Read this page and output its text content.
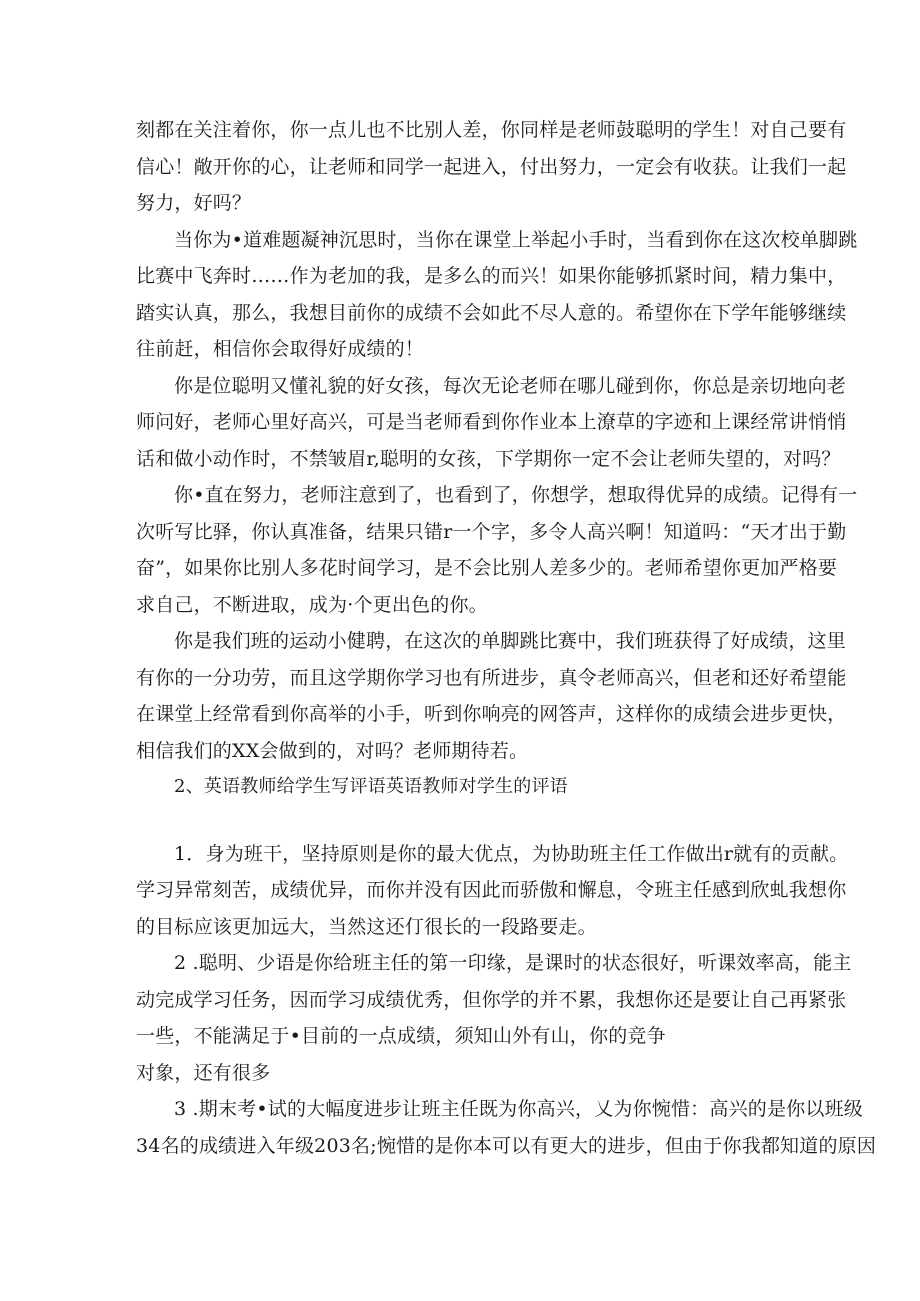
刻都在关注着你，你一点儿也不比别人差，你同样是老师鼓聪明的学生！对自己要有
信心！敞开你的心，让老师和同学一起进入，付出努力，一定会有收获。让我们一起
努力，好吗？
当你为•道难题凝神沉思时，当你在课堂上举起小手时，当看到你在这次校单脚跳
比赛中飞奔时……作为老加的我，是多么的而兴！如果你能够抓紧时间，精力集中，
踏实认真，那么，我想目前你的成绩不会如此不尽人意的。希望你在下学年能够继续
往前赶，相信你会取得好成绩的！
你是位聪明又懂礼貌的好女孩，每次无论老师在哪儿碰到你，你总是亲切地向老
师问好，老师心里好高兴，可是当老师看到你作业本上潦草的字迹和上课经常讲悄悄
话和做小动作时，不禁皱眉r,聪明的女孩，下学期你一定不会让老师失望的，对吗？
你•直在努力，老师注意到了，也看到了，你想学，想取得优异的成绩。记得有一
次听写比驿，你认真准备，结果只错r一个字，多令人高兴啊！知道吗：“天才出于勤
奋”，如果你比别人多花时间学习，是不会比别人差多少的。老师希望你更加严格要
求自己，不断进取，成为·个更出色的你。
你是我们班的运动小健聘，在这次的单脚跳比赛中，我们班获得了好成绩，这里
有你的一分功劳，而且这学期你学习也有所进步，真令老师高兴，但老和还好希望能
在课堂上经常看到你高举的小手，听到你响亮的网答声，这样你的成绩会进步更快，
相信我们的XX会做到的，对吗？老师期待若。
2、英语教师给学生写评语英语教师对学生的评语
1．身为班干，坚持原则是你的最大优点，为协助班主任工作做出r就有的贡献。
学习异常刻苦，成绩优异，而你并没有因此而骄傲和懈息，令班主任感到欣虬我想你
的目标应该更加远大，当然这还仃很长的一段路要走。
2 .聪明、少语是你给班主任的第一印缘，是课时的状态很好，听课效率高，能主
动完成学习任务，因而学习成绩优秀，但你学的并不累，我想你还是要让自己再紧张
一些，不能满足于•目前的一点成绩，须知山外有山，你的竞争
对象，还有很多
3 .期末考•试的大幅度进步让班主任既为你高兴，乂为你惋惜：高兴的是你以班级
34名的成绩进入年级203名;惋惜的是你本可以有更大的进步，但由于你我都知道的原因
